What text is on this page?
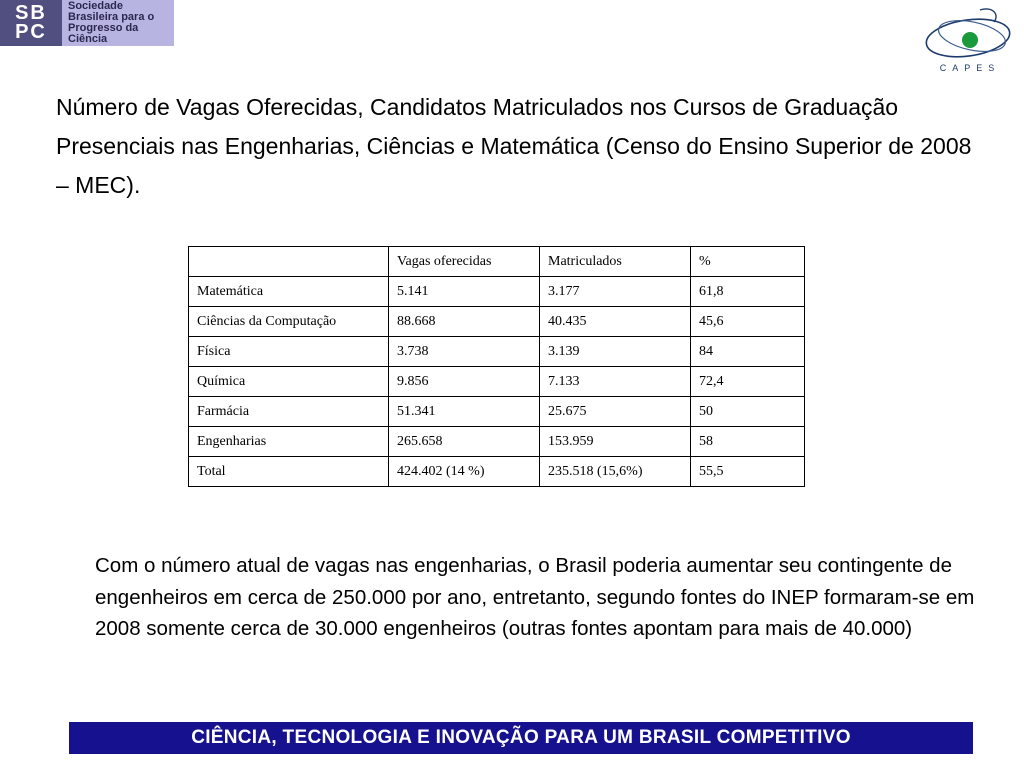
SB
PC
Sociedade
Brasileira para o
Progresso da
Ciência
CAPES
Número de Vagas Oferecidas, Candidatos Matriculados nos Cursos de Graduação Presenciais nas Engenharias, Ciências e Matemática (Censo do Ensino Superior de 2008 – MEC).
	Vagas oferecidas	Matriculados	%
Matemática	5.141	3.177	61,8
Ciências da Computação	88.668	40.435	45,6
Física	3.738	3.139	84
Química	9.856	7.133	72,4
Farmácia	51.341	25.675	50
Engenharias	265.658	153.959	58
Total	424.402 (14 %)	235.518 (15,6%)	55,5
Com o número atual de vagas nas engenharias, o Brasil poderia aumentar seu contingente de engenheiros em cerca de 250.000 por ano, entretanto, segundo fontes do INEP formaram-se em 2008 somente cerca de 30.000 engenheiros (outras fontes apontam para mais de 40.000)
CIÊNCIA, TECNOLOGIA E INOVAÇÃO PARA UM BRASIL COMPETITIVO
